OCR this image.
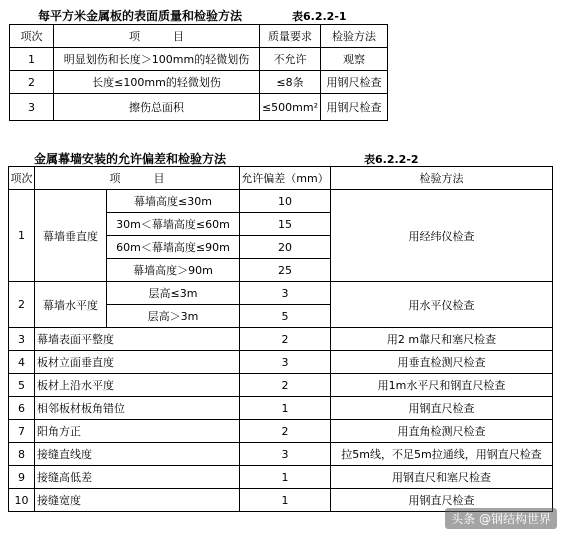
每平方米金属板的表面质量和检验方法	表6.2.2-1
项次	项　　　目	质量要求	检验方法
1	明显划伤和长度＞100mm的轻微划伤	不允许	观察
2	长度≤100mm的轻微划伤	≤8条	用钢尺检查
3	擦伤总面积	≤500mm²	用钢尺检查
金属幕墙安装的允许偏差和检验方法	表6.2.2-2
项次	项　　　目		允许偏差（mm）	检验方法
1	幕墙垂直度	幕墙高度≤30m	10	用经纬仪检查
		30m＜幕墙高度≤60m	15	
		60m＜幕墙高度≤90m	20	
		幕墙高度＞90m	25	
2	幕墙水平度	层高≤3m	3	用水平仪检查
		层高＞3m	5	
3	幕墙表面平整度		2	用2 m靠尺和塞尺检查
4	板材立面垂直度		3	用垂直检测尺检查
5	板材上沿水平度		2	用1m水平尺和钢直尺检查
6	相邻板材板角错位		1	用钢直尺检查
7	阳角方正		2	用直角检测尺检查
8	接缝直线度		3	拉5m线，不足5m拉通线，用钢直尺检查
9	接缝高低差		1	用钢直尺和塞尺检查
10	接缝宽度		1	用钢直尺检查
头条 @钢结构世界
